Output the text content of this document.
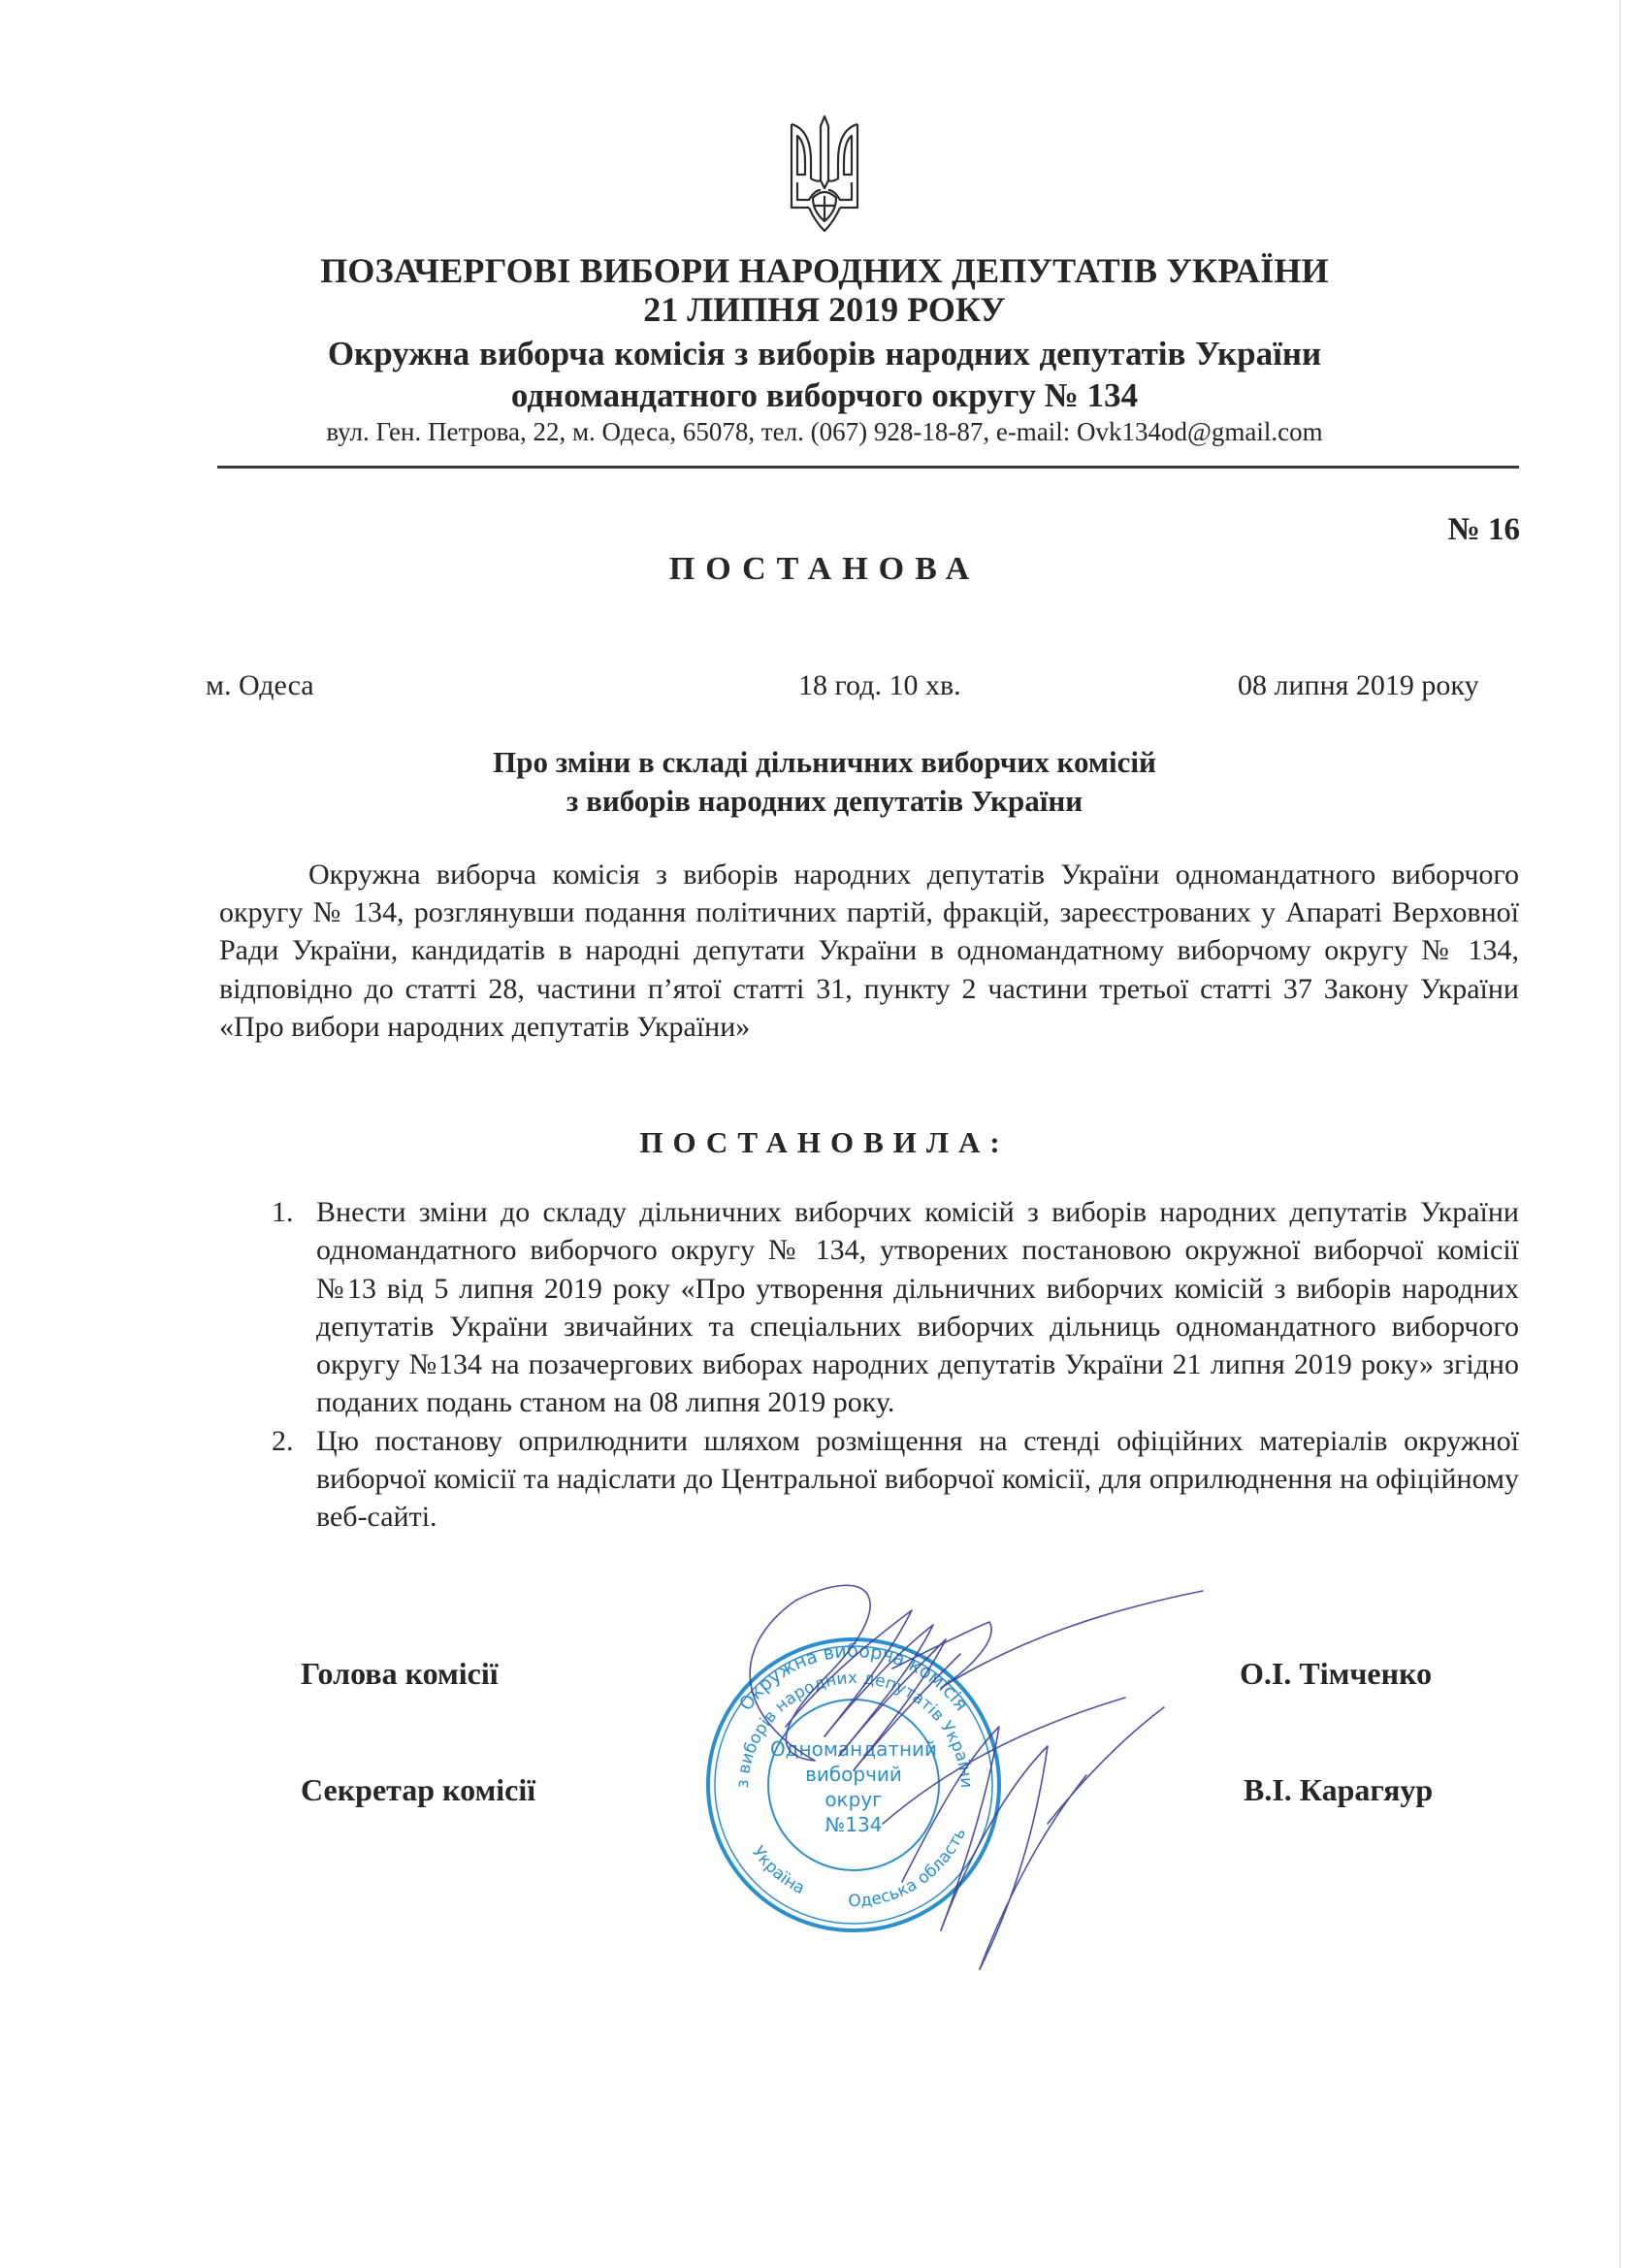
ПОЗАЧЕРГОВІ ВИБОРИ НАРОДНИХ ДЕПУТАТІВ УКРАЇНИ
21 ЛИПНЯ 2019 РОКУ
Окружна виборча комісія з виборів народних депутатів України
одномандатного виборчого округу № 134
вул. Ген. Петрова, 22, м. Одеса, 65078, тел. (067) 928-18-87, e-mail: Ovk134od@gmail.com
№ 16
ПОСТАНОВА
м. Одеса	18 год. 10 хв.	08 липня 2019 року
Про зміни в складі дільничних виборчих комісій
з виборів народних депутатів України
Окружна виборча комісія з виборів народних депутатів України одномандатного виборчого округу № 134, розглянувши подання політичних партій, фракцій, зареєстрованих у Апараті Верховної Ради України, кандидатів в народні депутати України в одномандатному виборчому округу № 134, відповідно до статті 28, частини п’ятої статті 31, пункту 2 частини третьої статті 37 Закону України «Про вибори народних депутатів України»
ПОСТАНОВИЛА:
1. Внести зміни до складу дільничних виборчих комісій з виборів народних депутатів України одномандатного виборчого округу № 134, утворених постановою окружної виборчої комісії №13 від 5 липня 2019 року «Про утворення дільничних виборчих комісій з виборів народних депутатів України звичайних та спеціальних виборчих дільниць одномандатного виборчого округу №134 на позачергових виборах народних депутатів України 21 липня 2019 року» згідно поданих подань станом на 08 липня 2019 року.
2. Цю постанову оприлюднити шляхом розміщення на стенді офіційних матеріалів окружної виборчої комісії та надіслати до Центральної виборчої комісії, для оприлюднення на офіційному веб-сайті.
Голова комісії	О.І. Тімченко
Секретар комісії	В.І. Карагяур
Окружна виборча комісія
з виборів народних депутатів України
Україна
Одеська область
Одномандатний
виборчий
округ
№134
